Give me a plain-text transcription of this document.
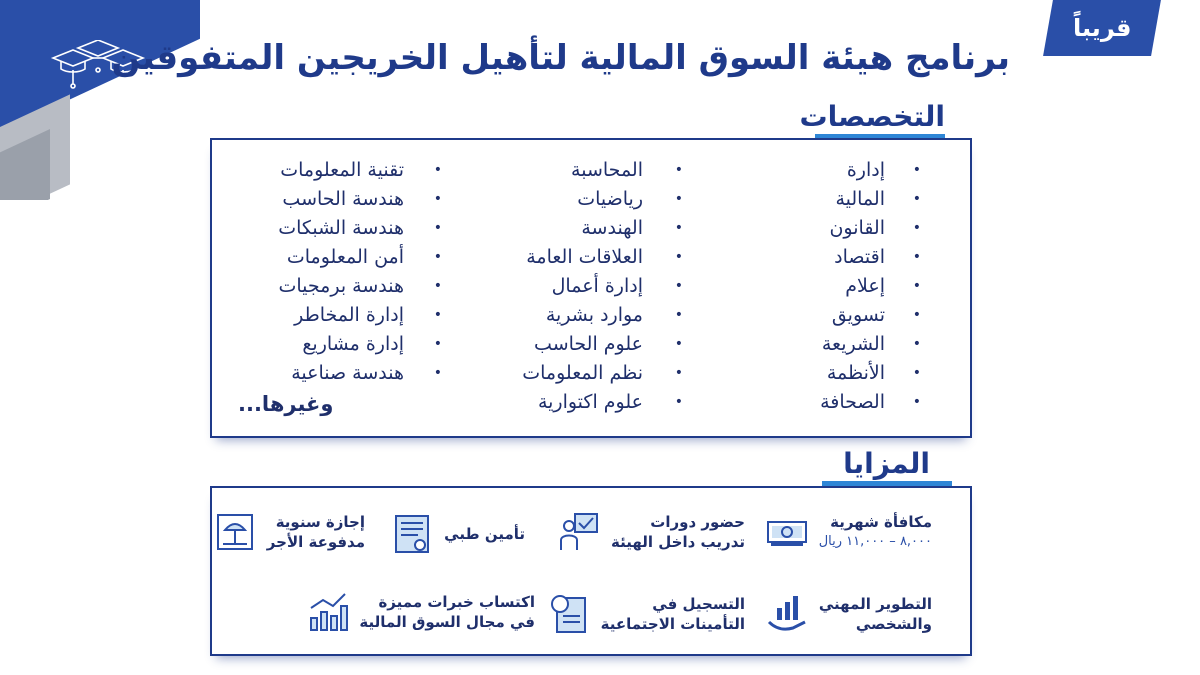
قريباً
برنامج هيئة السوق المالية لتأهيل الخريجين المتفوقين
التخصصات
إدارة •
المالية •
القانون •
اقتصاد •
إعلام •
تسويق •
الشريعة •
الأنظمة •
الصحافة •
المحاسبة •
رياضيات •
الهندسة •
العلاقات العامة •
إدارة أعمال •
موارد بشرية •
علوم الحاسب •
نظم المعلومات •
علوم اكتوارية •
تقنية المعلومات •
هندسة الحاسب •
هندسة الشبكات •
أمن المعلومات •
هندسة برمجيات •
إدارة المخاطر •
إدارة مشاريع •
هندسة صناعية •
وغيرها...
المزايا
مكافأة شهرية
٨,٠٠٠ – ١١,٠٠٠ ريال
حضور دورات
تدريب داخل الهيئة
تأمين طبي
إجازة سنوية
مدفوعة الأجر
التطوير المهني
والشخصي
التسجيل في
التأمينات الاجتماعية
اكتساب خبرات مميزة
في مجال السوق المالية
